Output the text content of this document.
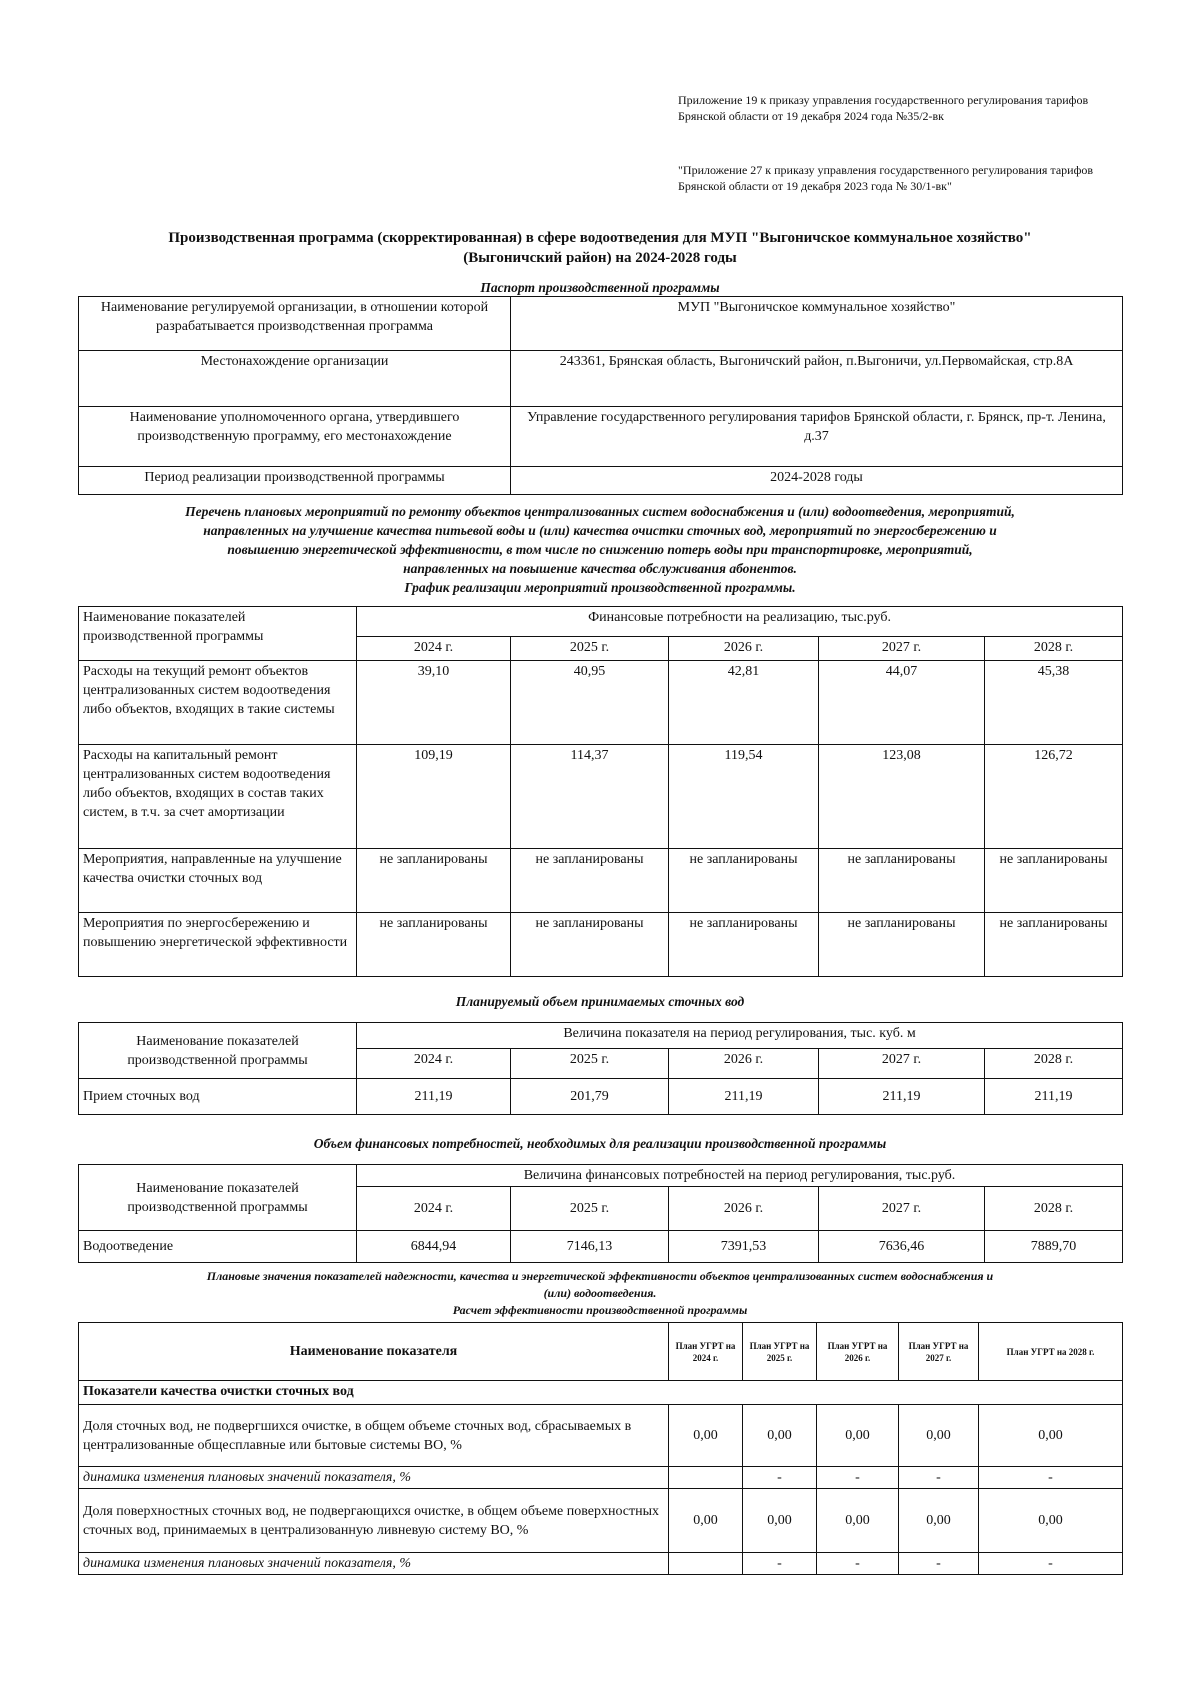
Приложение 19 к приказу управления государственного регулирования тарифов Брянской области от 19 декабря 2024 года №35/2-вк
"Приложение 27 к приказу управления государственного регулирования тарифов Брянской области от 19 декабря 2023 года № 30/1-вк"
Производственная программа (скорректированная) в сфере водоотведения для МУП "Выгоничское коммунальное хозяйство"
(Выгоничский район) на 2024-2028 годы
Паспорт производственной программы
Наименование регулируемой организации, в отношении которой разрабатывается производственная программа	МУП "Выгоничское коммунальное хозяйство"
Местонахождение организации	243361, Брянская область, Выгоничский район, п.Выгоничи, ул.Первомайская, стр.8А
Наименование уполномоченного органа, утвердившего производственную программу, его местонахождение	Управление государственного регулирования тарифов Брянской области, г. Брянск, пр-т. Ленина, д.37
Период реализации производственной программы	2024-2028 годы
Перечень плановых мероприятий по ремонту объектов централизованных систем водоснабжения и (или) водоотведения, мероприятий,
направленных на улучшение качества питьевой воды и (или) качества очистки сточных вод, мероприятий по энергосбережению и
повышению энергетической эффективности, в том числе по снижению потерь воды при транспортировке, мероприятий,
направленных на повышение качества обслуживания абонентов.
График реализации мероприятий производственной программы.
Наименование показателей производственной программы	Финансовые потребности на реализацию, тыс.руб.				
	2024 г.	2025 г.	2026 г.	2027 г.	2028 г.
Расходы на текущий ремонт объектов централизованных систем водоотведения либо объектов, входящих в такие системы	39,10	40,95	42,81	44,07	45,38
Расходы на капитальный ремонт централизованных систем водоотведения либо объектов, входящих в состав таких систем, в т.ч. за счет амортизации	109,19	114,37	119,54	123,08	126,72
Мероприятия, направленные на улучшение качества очистки сточных вод	не запланированы	не запланированы	не запланированы	не запланированы	не запланированы
Мероприятия по энергосбережению и повышению энергетической эффективности	не запланированы	не запланированы	не запланированы	не запланированы	не запланированы
Планируемый объем принимаемых сточных вод
Наименование показателей производственной программы	Величина показателя на период регулирования, тыс. куб. м				
	2024 г.	2025 г.	2026 г.	2027 г.	2028 г.
Прием сточных вод	211,19	201,79	211,19	211,19	211,19
Объем финансовых потребностей, необходимых для реализации производственной программы
Наименование показателей производственной программы	Величина финансовых потребностей на период регулирования, тыс.руб.				
	2024 г.	2025 г.	2026 г.	2027 г.	2028 г.
Водоотведение	6844,94	7146,13	7391,53	7636,46	7889,70
Плановые значения показателей надежности, качества и энергетической эффективности объектов централизованных систем водоснабжения и
(или) водоотведения.
Расчет эффективности производственной программы
Наименование показателя	План УГРТ на 2024 г.	План УГРТ на 2025 г.	План УГРТ на 2026 г.	План УГРТ на 2027 г.	План УГРТ на 2028 г.
Показатели качества очистки сточных вод					
Доля сточных вод, не подвергшихся очистке, в общем объеме сточных вод, сбрасываемых в централизованные общесплавные или бытовые системы ВО, %	0,00	0,00	0,00	0,00	0,00
динамика изменения плановых значений показателя, %		-	-	-	-
Доля поверхностных сточных вод, не подвергающихся очистке, в общем объеме поверхностных сточных вод, принимаемых в централизованную ливневую систему ВО, %	0,00	0,00	0,00	0,00	0,00
динамика изменения плановых значений показателя, %		-	-	-	-
